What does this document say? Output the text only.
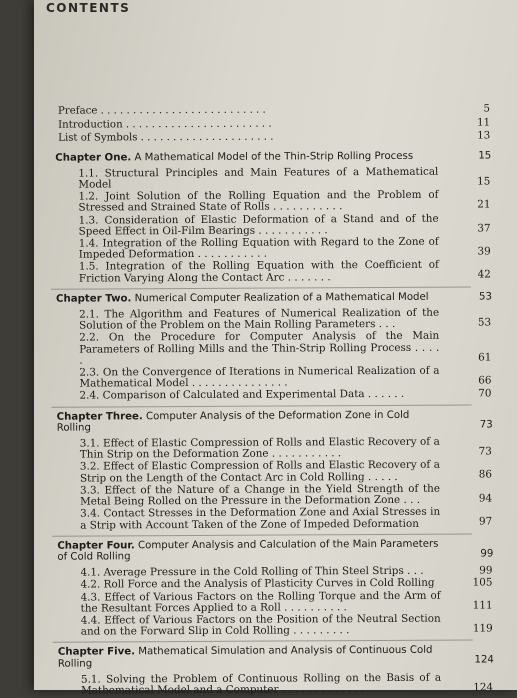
CONTENTS
Preface . . . . . . . . . . . . . . . . . . . . . . . . . .	5
Introduction . . . . . . . . . . . . . . . . . . . . . . .	11
List of Symbols . . . . . . . . . . . . . . . . . . . . .	13
Chapter One. A Mathematical Model of the Thin-Strip Rolling Process	15
1.1. Structural Principles and Main Features of a Mathematical Model	15
1.2. Joint Solution of the Rolling Equation and the Problem of Stressed and Strained State of Rolls . . . . . . . . . . .	21
1.3. Consideration of Elastic Deformation of a Stand and of the Speed Effect in Oil-Film Bearings . . . . . . . . . . .	37
1.4. Integration of the Rolling Equation with Regard to the Zone of Impeded Deformation . . . . . . . . . . .	39
1.5. Integration of the Rolling Equation with the Coefficient of Friction Varying Along the Contact Arc . . . . . . .	42
Chapter Two. Numerical Computer Realization of a Mathematical Model	53
2.1. The Algorithm and Features of Numerical Realization of the Solution of the Problem on the Main Rolling Parameters . . .	53
2.2. On the Procedure for Computer Analysis of the Main Parameters of Rolling Mills and the Thin-Strip Rolling Process . . . . .	61
2.3. On the Convergence of Iterations in Numerical Realization of a Mathematical Model . . . . . . . . . . . . . . .	66
2.4. Comparison of Calculated and Experimental Data . . . . . .	70
Chapter Three. Computer Analysis of the Deformation Zone in Cold Rolling	73
3.1. Effect of Elastic Compression of Rolls and Elastic Recovery of a Thin Strip on the Deformation Zone . . . . . . . . . . .	73
3.2. Effect of Elastic Compression of Rolls and Elastic Recovery of a Strip on the Length of the Contact Arc in Cold Rolling . . . . .	86
3.3. Effect of the Nature of a Change in the Yield Strength of the Metal Being Rolled on the Pressure in the Deformation Zone . . .	94
3.4. Contact Stresses in the Deformation Zone and Axial Stresses in a Strip with Account Taken of the Zone of Impeded Deformation	97
Chapter Four. Computer Analysis and Calculation of the Main Parameters of Cold Rolling	99
4.1. Average Pressure in the Cold Rolling of Thin Steel Strips . . .	99
4.2. Roll Force and the Analysis of Plasticity Curves in Cold Rolling	105
4.3. Effect of Various Factors on the Rolling Torque and the Arm of the Resultant Forces Applied to a Roll . . . . . . . . . .	111
4.4. Effect of Various Factors on the Position of the Neutral Section and on the Forward Slip in Cold Rolling . . . . . . . . .	119
Chapter Five. Mathematical Simulation and Analysis of Continuous Cold Rolling	124
5.1. Solving the Problem of Continuous Rolling on the Basis of a Mathematical Model and a Computer . . . . . . . . . . . . .	124
